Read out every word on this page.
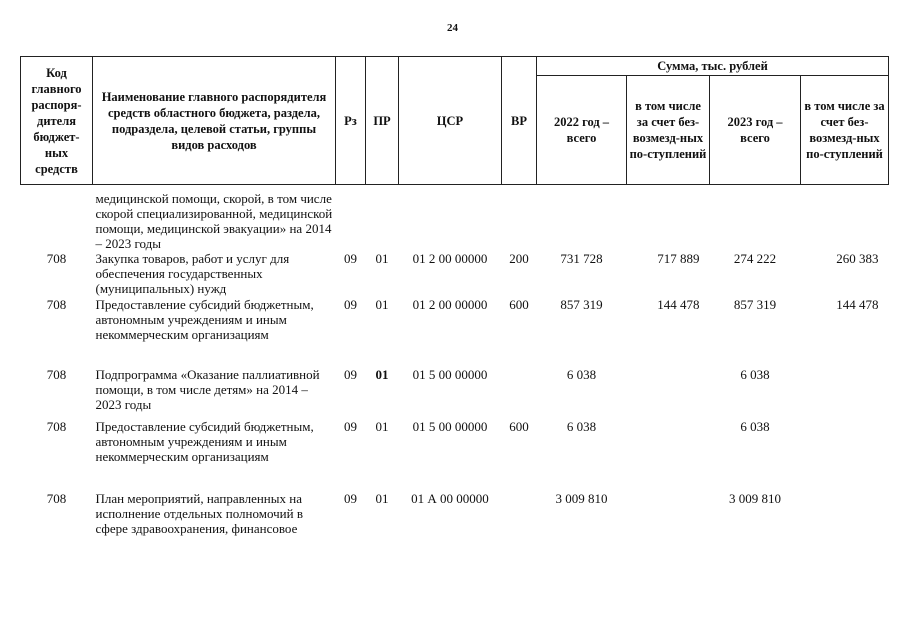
24
Код главного распоря-дителя бюджет-ных средств	Наименование главного распорядителя средств областного бюджета, раздела, подраздела, целевой статьи, группы видов расходов	Рз	ПР	ЦСР	ВР	Сумма, тыс. рублей			
						2022 год – всего	в том числе за счет без-возмезд-ных по-ступлений	2023 год – всего	в том числе за счет без-возмезд-ных по-ступлений
	медицинской помощи, скорой, в том числе скорой специализированной, медицинской помощи, медицинской эвакуации» на 2014 – 2023 годы								
708	Закупка товаров, работ и услуг для обеспечения государственных (муниципальных) нужд	09	01	01 2 00 00000	200	731 728	717 889	274 222	260 383
708	Предоставление субсидий бюджетным, автономным учреждениям и иным некоммерческим организациям	09	01	01 2 00 00000	600	857 319	144 478	857 319	144 478
708	Подпрограмма «Оказание паллиативной помощи, в том числе детям» на 2014 – 2023 годы	09	01	01 5 00 00000		6 038		6 038	
708	Предоставление субсидий бюджетным, автономным учреждениям и иным некоммерческим организациям	09	01	01 5 00 00000	600	6 038		6 038	
708	План мероприятий, направленных на исполнение отдельных полномочий в сфере здравоохранения, финансовое	09	01	01 А 00 00000		3 009 810		3 009 810	
